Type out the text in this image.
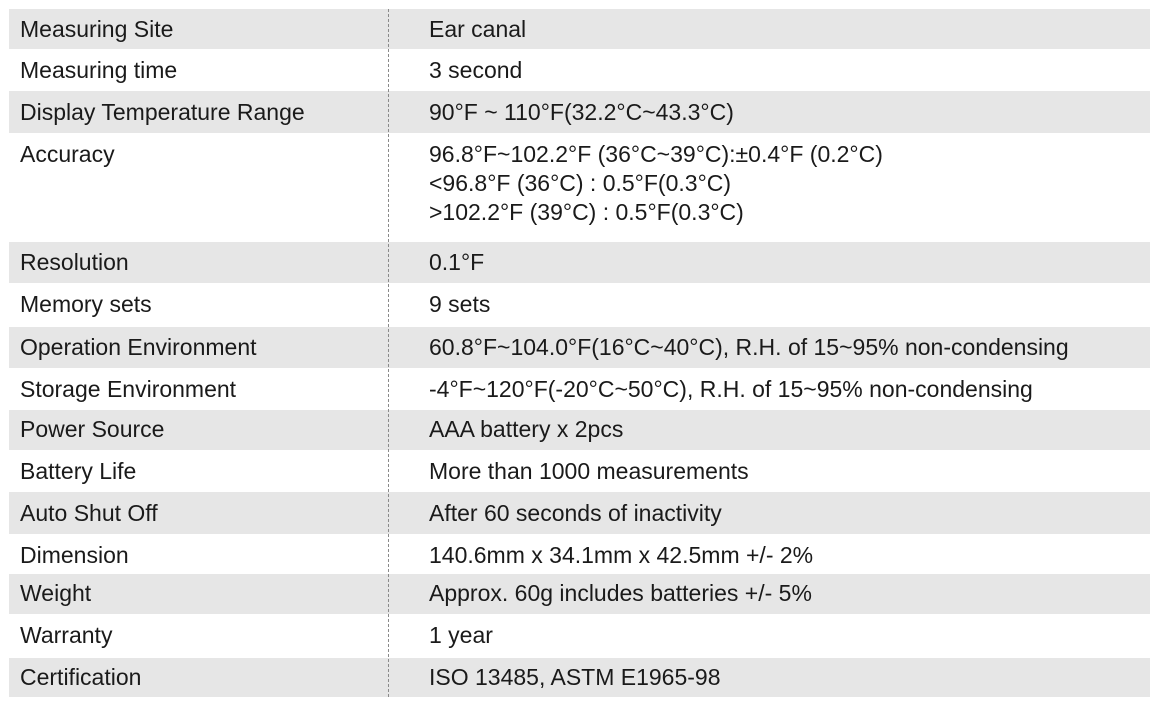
Measuring Site	Ear canal
Measuring time	3 second
Display Temperature Range	90°F ~ 110°F(32.2°C~43.3°C)
Accuracy	96.8°F~102.2°F (36°C~39°C):±0.4°F (0.2°C)
<96.8°F (36°C) : 0.5°F(0.3°C)
>102.2°F (39°C) : 0.5°F(0.3°C)
Resolution	0.1°F
Memory sets	9 sets
Operation Environment	60.8°F~104.0°F(16°C~40°C), R.H. of 15~95% non-condensing
Storage Environment	-4°F~120°F(-20°C~50°C), R.H. of 15~95% non-condensing
Power Source	AAA battery x 2pcs
Battery Life	More than 1000 measurements
Auto Shut Off	After 60 seconds of inactivity
Dimension	140.6mm x 34.1mm x 42.5mm +/- 2%
Weight	Approx. 60g includes batteries +/- 5%
Warranty	1 year
Certification	ISO 13485, ASTM E1965-98
